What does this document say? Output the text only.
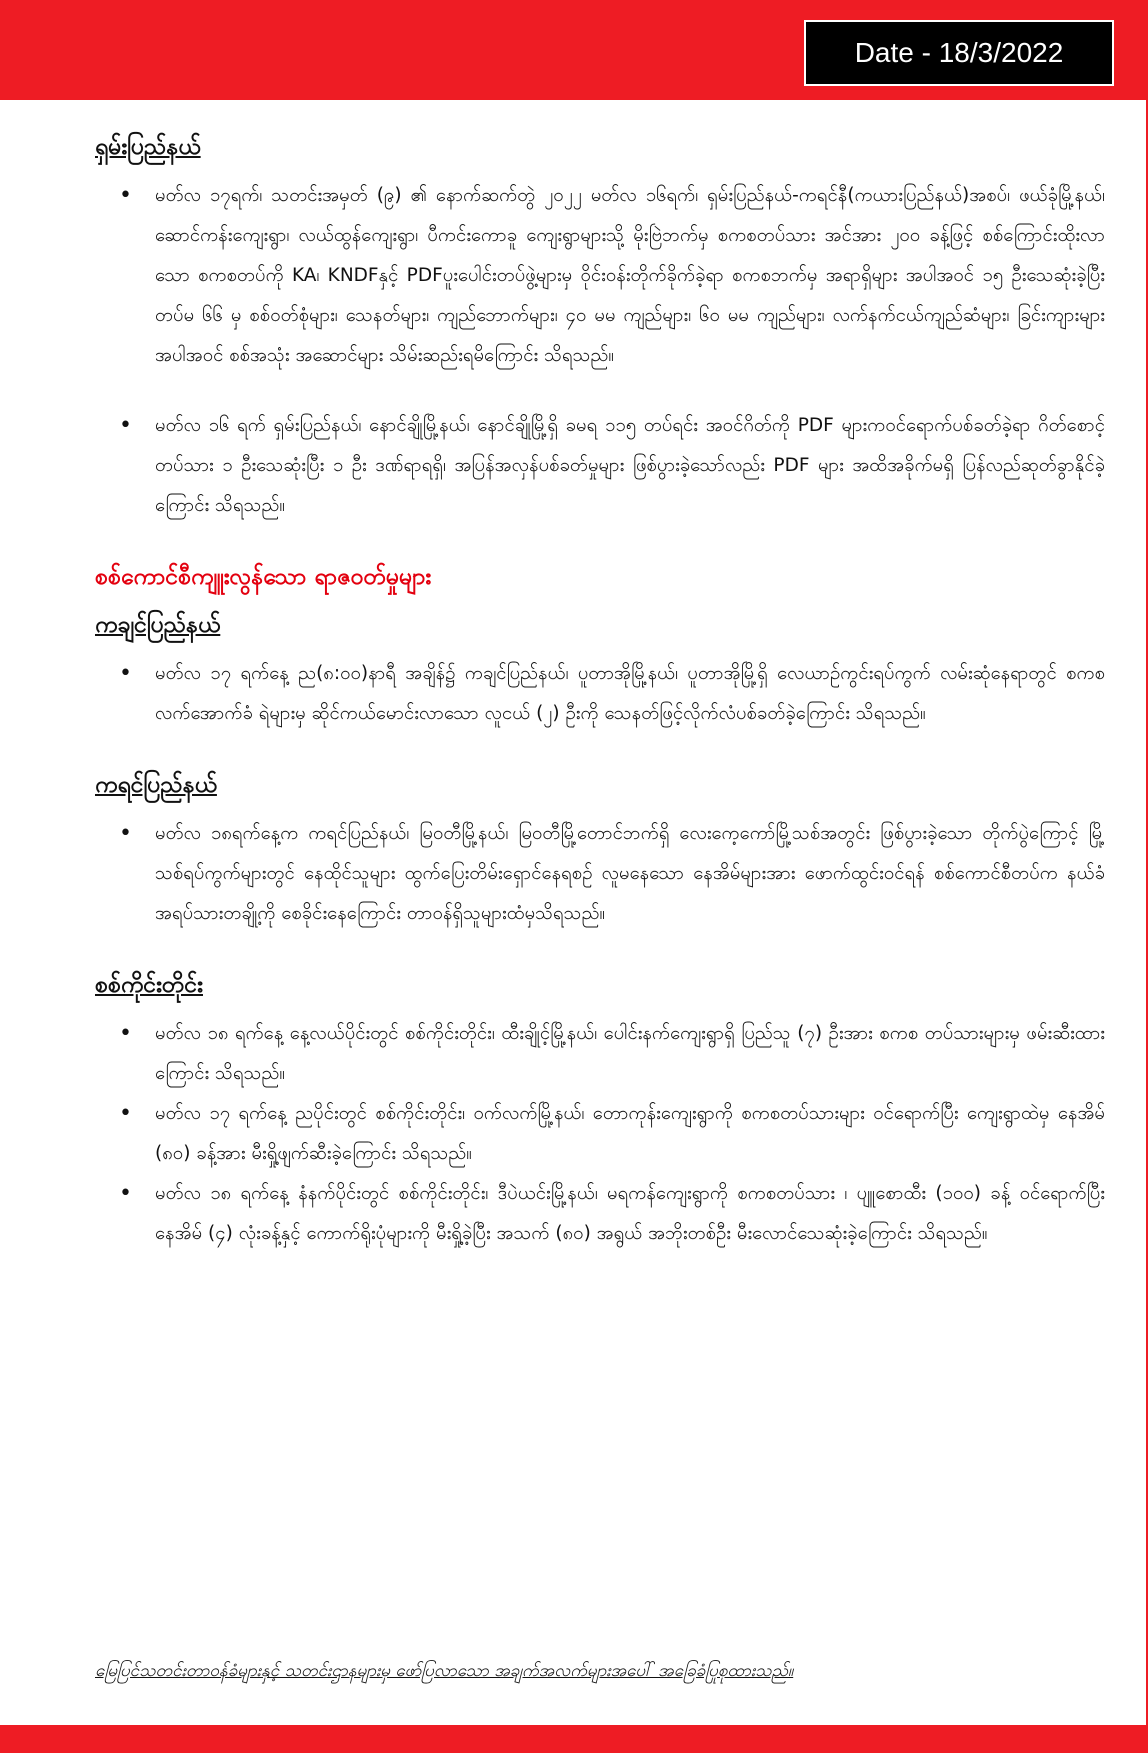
Date - 18/3/2022
ရှမ်းပြည်နယ်
• မတ်လ ၁၇ရက်၊ သတင်းအမှတ် (၉) ၏ နောက်ဆက်တွဲ ၂၀၂၂ မတ်လ ၁၆ရက်၊ ရှမ်းပြည်နယ်-ကရင်နီ(ကယားပြည်နယ်)အစပ်၊ ဖယ်ခုံမြို့နယ်၊ ဆောင်ကန်းကျေးရွာ၊ လယ်ထွန်ကျေးရွာ၊ ပီကင်းကောခူ ကျေးရွာများသို့ မိုးဗြဲဘက်မှ စကစတပ်သား အင်အား ၂၀၀ ခန့်ဖြင့် စစ်ကြောင်းထိုးလာသော စကစတပ်ကို KA၊ KNDFနှင့် PDFပူးပေါင်းတပ်ဖွဲ့များမှ ဝိုင်းဝန်းတိုက်ခိုက်ခဲ့ရာ စကစဘက်မှ အရာရှိများ အပါအဝင် ၁၅ ဦးသေဆုံးခဲ့ပြီး တပ်မ ၆၆ မှ စစ်ဝတ်စုံများ၊ သေနတ်များ၊ ကျည်ဘောက်များ၊ ၄၀ မမ ကျည်များ၊ ၆၀ မမ ကျည်များ၊ လက်နက်ငယ်ကျည်ဆံများ၊ ခြင်းကျားများ အပါအဝင် စစ်အသုံး အဆောင်များ သိမ်းဆည်းရမိကြောင်း သိရသည်။
• မတ်လ ၁၆ ရက် ရှမ်းပြည်နယ်၊ နောင်ချိုမြို့နယ်၊ နောင်ချိုမြို့ရှိ ခမရ ၁၁၅ တပ်ရင်း အဝင်ဂိတ်ကို PDF များကဝင်ရောက်ပစ်ခတ်ခဲ့ရာ ဂိတ်စောင့် တပ်သား ၁ ဦးသေဆုံးပြီး ၁ ဦး ဒဏ်ရာရရှိ၊ အပြန်အလှန်ပစ်ခတ်မှုများ ဖြစ်ပွားခဲ့သော်လည်း PDF များ အထိအခိုက်မရှိ ပြန်လည်ဆုတ်ခွာနိုင်ခဲ့ကြောင်း သိရသည်။
စစ်ကောင်စီကျူးလွန်သော ရာဇဝတ်မှုများ
ကချင်ပြည်နယ်
• မတ်လ ၁၇ ရက်နေ့ ည(၈:၀၀)နာရီ အချိန်၌ ကချင်ပြည်နယ်၊ ပူတာအိုမြို့နယ်၊ ပူတာအိုမြို့ရှိ လေယာဉ်ကွင်းရပ်ကွက် လမ်းဆုံနေရာတွင် စကစလက်အောက်ခံ ရဲများမှ ဆိုင်ကယ်မောင်းလာသော လူငယ် (၂) ဦးကို သေနတ်ဖြင့်လိုက်လံပစ်ခတ်ခဲ့ကြောင်း သိရသည်။
ကရင်ပြည်နယ်
• မတ်လ ၁၈ရက်နေ့က ကရင်ပြည်နယ်၊ မြဝတီမြို့နယ်၊ မြဝတီမြို့တောင်ဘက်ရှိ လေးကေ့ကော်မြို့သစ်အတွင်း ဖြစ်ပွားခဲ့သော တိုက်ပွဲကြောင့် မြို့သစ်ရပ်ကွက်များတွင် နေထိုင်သူများ ထွက်ပြေးတိမ်းရှောင်နေရစဉ် လူမနေသော နေအိမ်များအား ဖောက်ထွင်းဝင်ရန် စစ်ကောင်စီတပ်က နယ်ခံအရပ်သားတချို့ကို စေခိုင်းနေကြောင်း တာဝန်ရှိသူများထံမှသိရသည်။
စစ်ကိုင်းတိုင်း
• မတ်လ ၁၈ ရက်နေ့ နေ့လယ်ပိုင်းတွင် စစ်ကိုင်းတိုင်း၊ ထီးချိုင့်မြို့နယ်၊ ပေါင်းနက်ကျေးရွာရှိ ပြည်သူ (၇) ဦးအား စကစ တပ်သားများမှ ဖမ်းဆီးထားကြောင်း သိရသည်။
• မတ်လ ၁၇ ရက်နေ့ ညပိုင်းတွင် စစ်ကိုင်းတိုင်း၊ ဝက်လက်မြို့နယ်၊ တောကုန်းကျေးရွာကို စကစတပ်သားများ ဝင်ရောက်ပြီး ကျေးရွာထဲမှ နေအိမ် (၈၀) ခန့်အား မီးရှို့ဖျက်ဆီးခဲ့ကြောင်း သိရသည်။
• မတ်လ ၁၈ ရက်နေ့ နံနက်ပိုင်းတွင် စစ်ကိုင်းတိုင်း၊ ဒီပဲယင်းမြို့နယ်၊ မရကန်ကျေးရွာကို စကစတပ်သား ၊ ပျူစောထီး (၁၀၀) ခန့် ဝင်ရောက်ပြီး နေအိမ် (၄) လုံးခန့်နှင့် ကောက်ရိုးပုံများကို မီးရှို့ခဲ့ပြီး အသက် (၈၀) အရွယ် အဘိုးတစ်ဦး မီးလောင်သေဆုံးခဲ့ကြောင်း သိရသည်။
မြေပြင်သတင်းတာဝန်ခံများနှင့် သတင်းဌာနများမှ ဖော်ပြလာသော အချက်အလက်များအပေါ် အခြေခံပြုစုထားသည်။
